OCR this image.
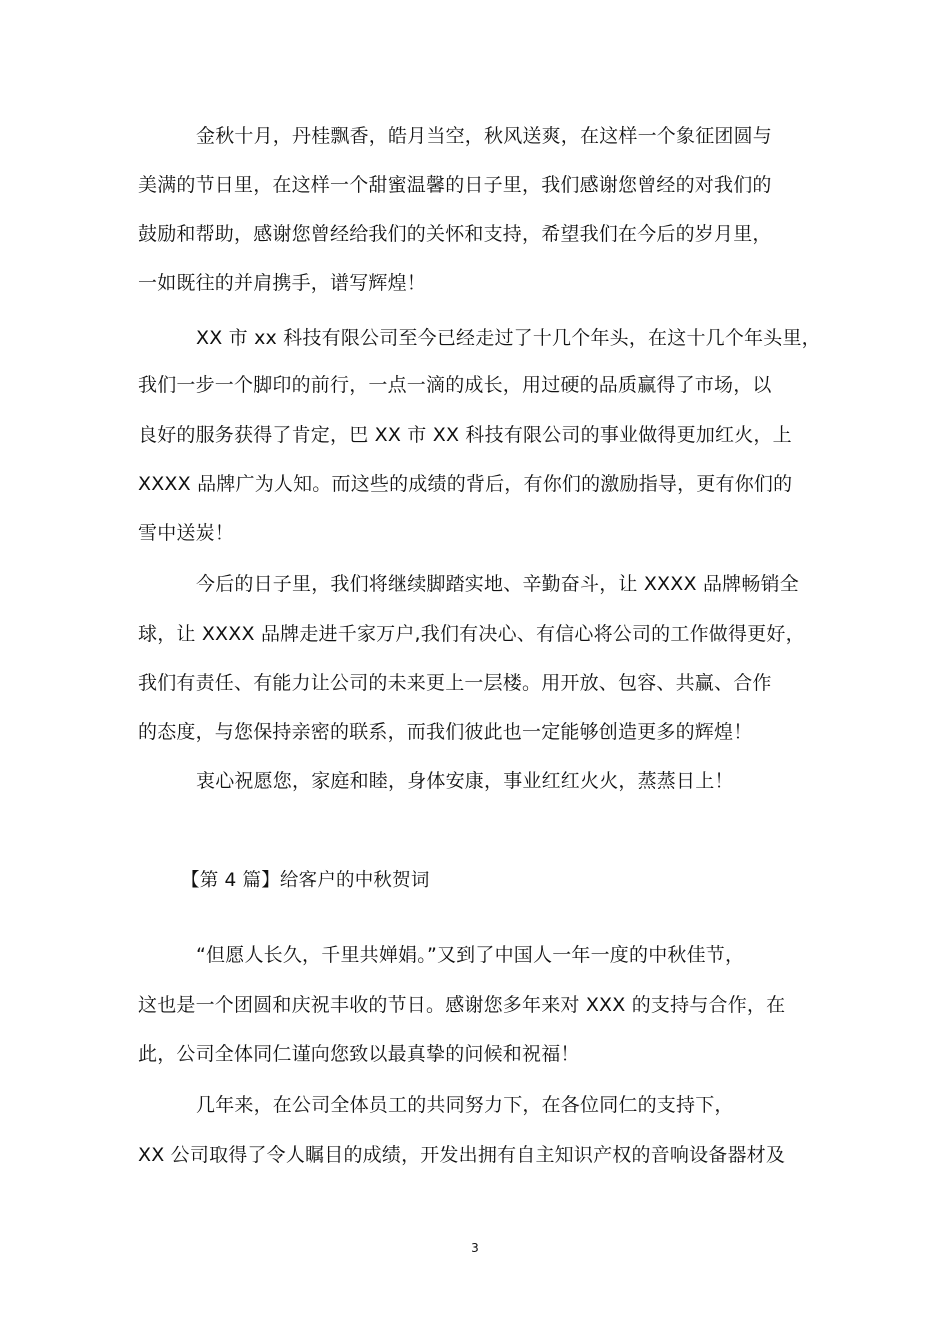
金秋十月，丹桂飘香，皓月当空，秋风送爽，在这样一个象征团圆与
美满的节日里，在这样一个甜蜜温馨的日子里，我们感谢您曾经的对我们的
鼓励和帮助，感谢您曾经给我们的关怀和支持，希望我们在今后的岁月里，
一如既往的并肩携手，谱写辉煌！
XX 市 xx 科技有限公司至今已经走过了十几个年头，在这十几个年头里，
我们一步一个脚印的前行，一点一滴的成长，用过硬的品质赢得了市场，以
良好的服务获得了肯定，巴 XX 市 XX 科技有限公司的事业做得更加红火，上
XXXX 品牌广为人知。而这些的成绩的背后，有你们的激励指导，更有你们的
雪中送炭！
今后的日子里，我们将继续脚踏实地、辛勤奋斗，让 XXXX 品牌畅销全
球，让 XXXX 品牌走进千家万户,我们有决心、有信心将公司的工作做得更好，
我们有责任、有能力让公司的未来更上一层楼。用开放、包容、共赢、合作
的态度，与您保持亲密的联系，而我们彼此也一定能够创造更多的辉煌！
衷心祝愿您，家庭和睦，身体安康，事业红红火火，蒸蒸日上！
【第 4 篇】给客户的中秋贺词
“但愿人长久，千里共婵娟。”又到了中国人一年一度的中秋佳节，
这也是一个团圆和庆祝丰收的节日。感谢您多年来对 XXX 的支持与合作，在
此，公司全体同仁谨向您致以最真挚的问候和祝福！
几年来，在公司全体员工的共同努力下，在各位同仁的支持下，
XX 公司取得了令人瞩目的成绩，开发出拥有自主知识产权的音响设备器材及
3
